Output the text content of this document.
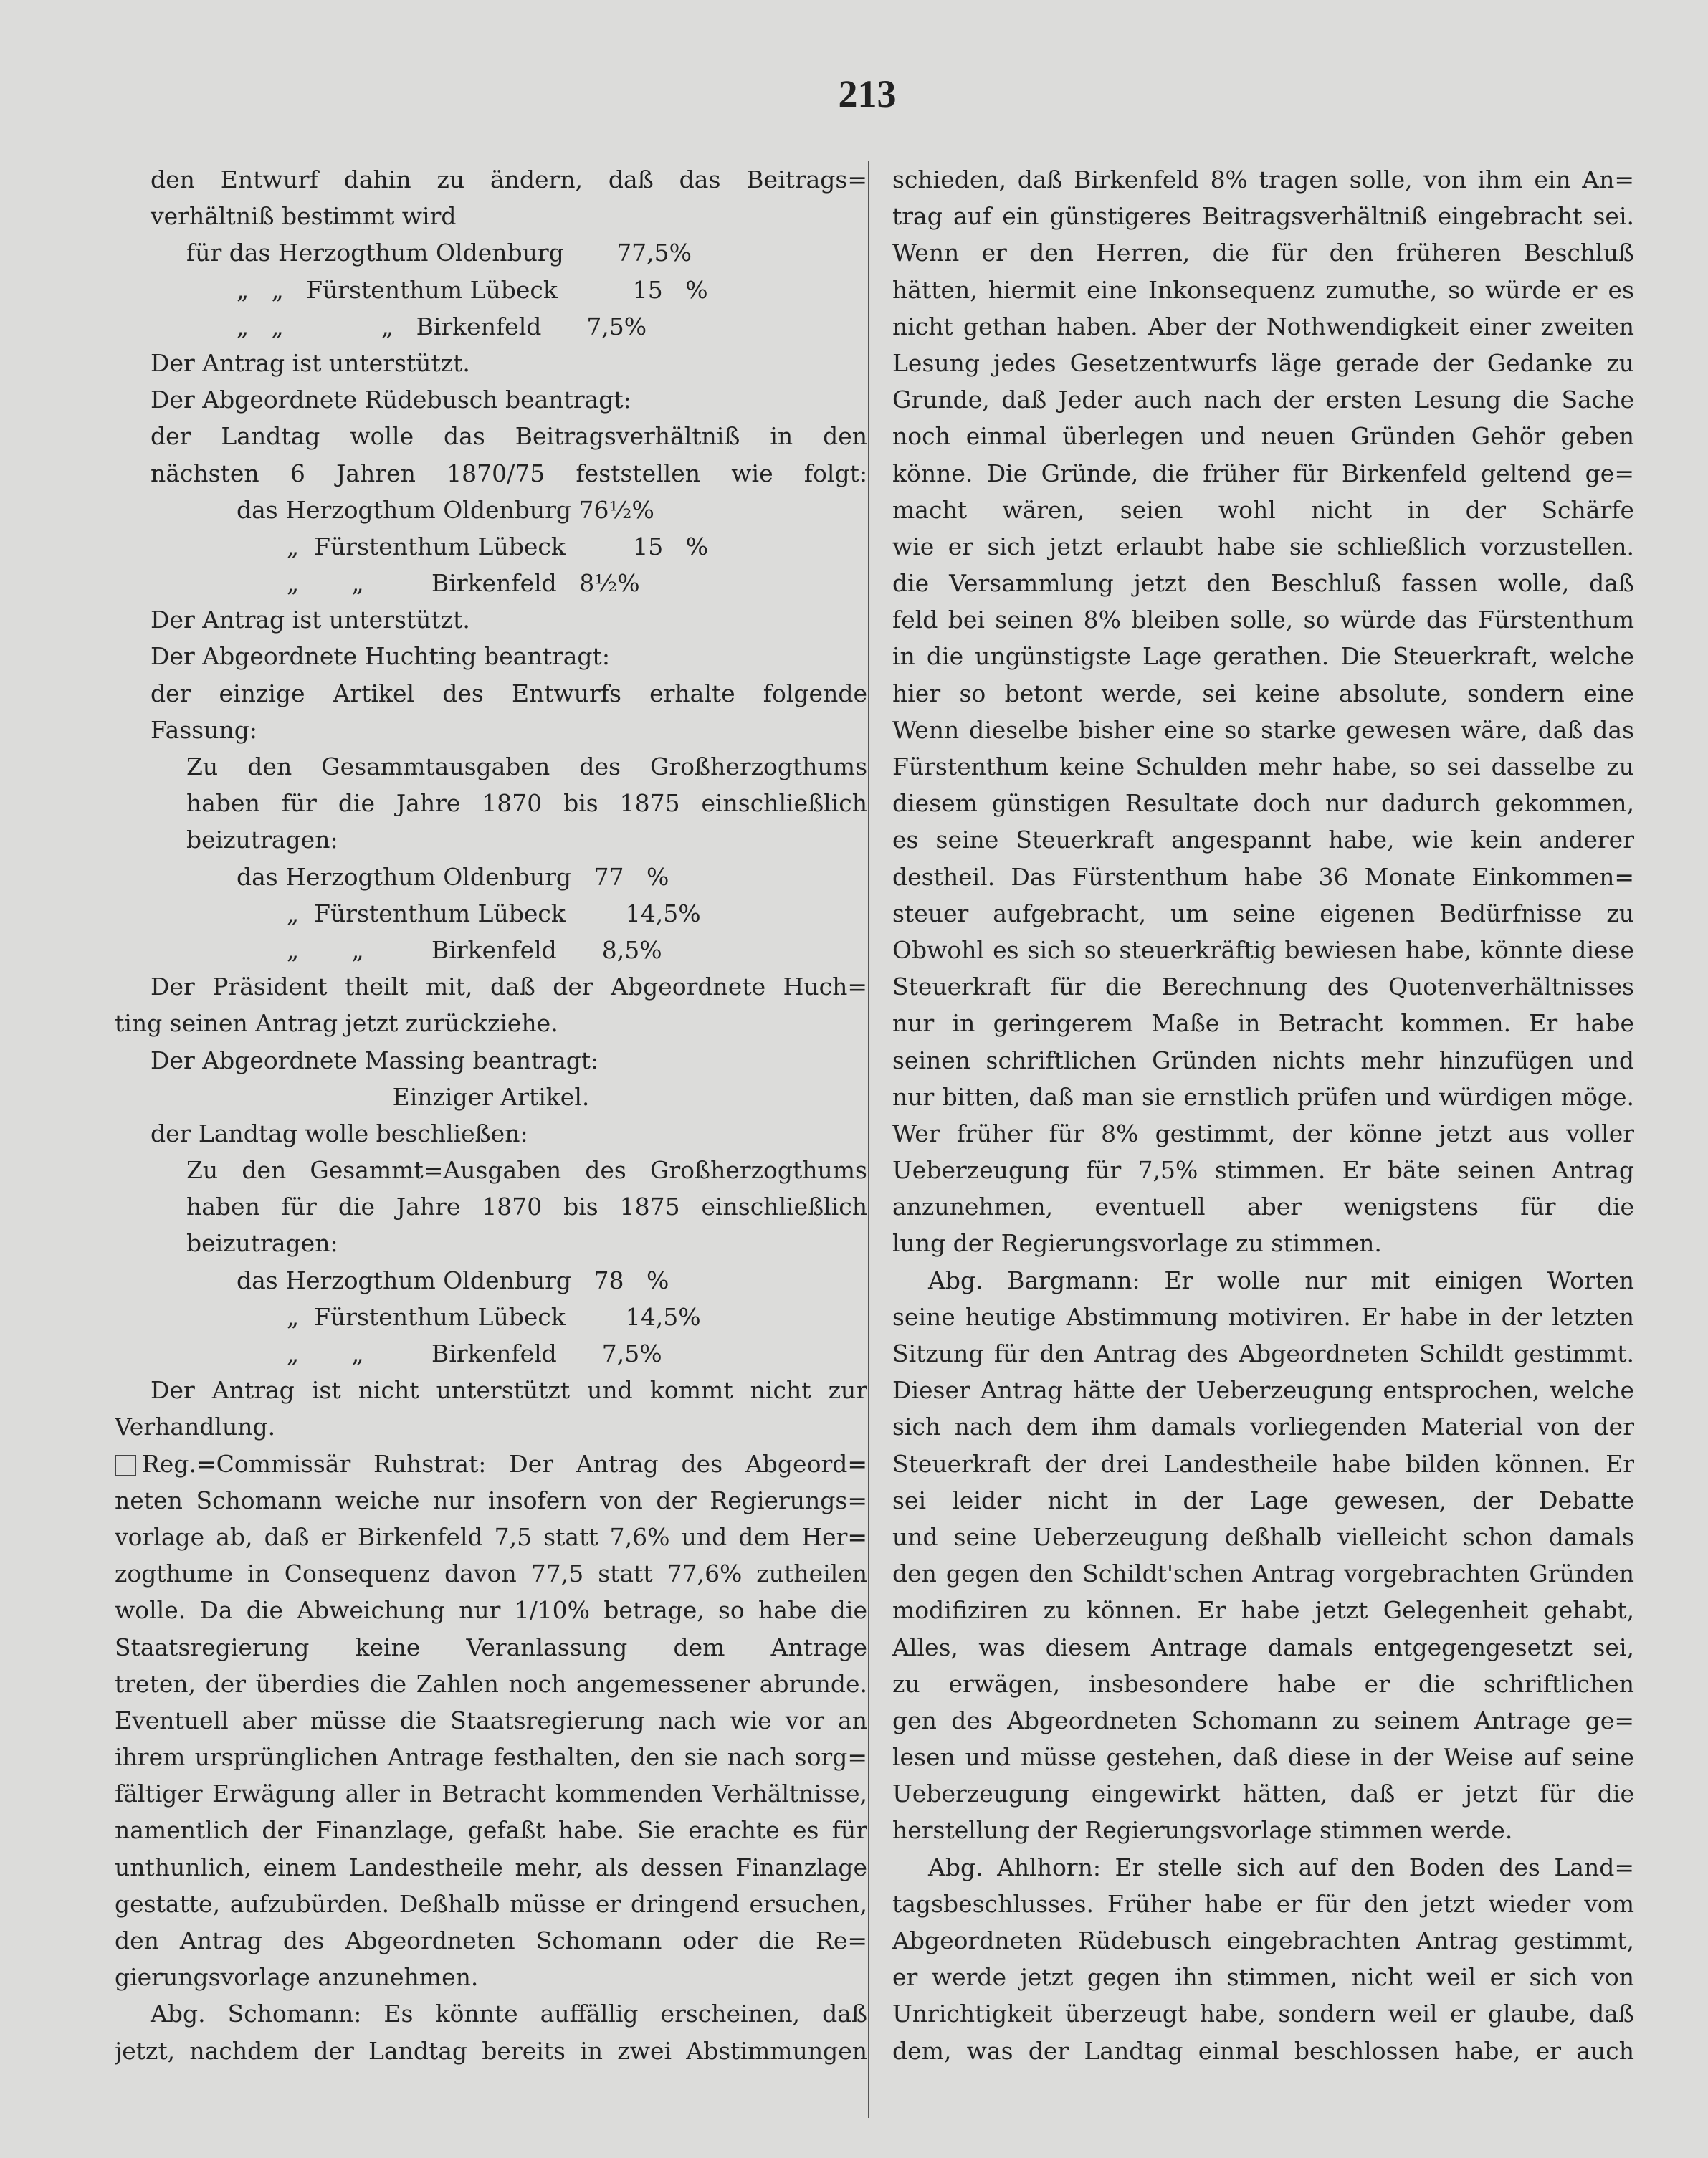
213
den Entwurf dahin zu ändern, daß das Beitrags=
verhältniß bestimmt wird
für das Herzogthum Oldenburg       77,5%
„   „   Fürstenthum Lübeck          15   %
„   „             „   Birkenfeld      7,5%
Der Antrag ist unterstützt.
Der Abgeordnete Rüdebusch beantragt:
der Landtag wolle das Beitragsverhältniß in den
nächsten 6 Jahren 1870/75 feststellen wie folgt:
das Herzogthum Oldenburg 76½%
„  Fürstenthum Lübeck         15   %
„       „         Birkenfeld   8½%
Der Antrag ist unterstützt.
Der Abgeordnete Huchting beantragt:
der einzige Artikel des Entwurfs erhalte folgende
Fassung:
Zu den Gesammtausgaben des Großherzogthums
haben für die Jahre 1870 bis 1875 einschließlich
beizutragen:
das Herzogthum Oldenburg   77   %
„  Fürstenthum Lübeck        14,5%
„       „         Birkenfeld      8,5%
Der Präsident theilt mit, daß der Abgeordnete Huch=
ting seinen Antrag jetzt zurückziehe.
Der Abgeordnete Massing beantragt:
Einziger Artikel.
der Landtag wolle beschließen:
Zu den Gesammt=Ausgaben des Großherzogthums
haben für die Jahre 1870 bis 1875 einschließlich
beizutragen:
das Herzogthum Oldenburg   78   %
„  Fürstenthum Lübeck        14,5%
„       „         Birkenfeld      7,5%
Der Antrag ist nicht unterstützt und kommt nicht zur
Verhandlung.
Reg.=Commissär Ruhstrat: Der Antrag des Abgeord=
neten Schomann weiche nur insofern von der Regierungs=
vorlage ab, daß er Birkenfeld 7,5 statt 7,6% und dem Her=
zogthume in Consequenz davon 77,5 statt 77,6% zutheilen
wolle. Da die Abweichung nur 1/10% betrage, so habe die
Staatsregierung keine Veranlassung dem Antrage
treten, der überdies die Zahlen noch angemessener abrunde.
Eventuell aber müsse die Staatsregierung nach wie vor an
ihrem ursprünglichen Antrage festhalten, den sie nach sorg=
fältiger Erwägung aller in Betracht kommenden Verhältnisse,
namentlich der Finanzlage, gefaßt habe. Sie erachte es für
unthunlich, einem Landestheile mehr, als dessen Finanzlage
gestatte, aufzubürden. Deßhalb müsse er dringend ersuchen,
den Antrag des Abgeordneten Schomann oder die Re=
gierungsvorlage anzunehmen.
Abg. Schomann: Es könnte auffällig erscheinen, daß
jetzt, nachdem der Landtag bereits in zwei Abstimmungen
schieden, daß Birkenfeld 8% tragen solle, von ihm ein An=
trag auf ein günstigeres Beitragsverhältniß eingebracht sei.
Wenn er den Herren, die für den früheren Beschluß
hätten, hiermit eine Inkonsequenz zumuthe, so würde er es
nicht gethan haben. Aber der Nothwendigkeit einer zweiten
Lesung jedes Gesetzentwurfs läge gerade der Gedanke zu
Grunde, daß Jeder auch nach der ersten Lesung die Sache
noch einmal überlegen und neuen Gründen Gehör geben
könne. Die Gründe, die früher für Birkenfeld geltend ge=
macht wären, seien wohl nicht in der Schärfe
wie er sich jetzt erlaubt habe sie schließlich vorzustellen.
die Versammlung jetzt den Beschluß fassen wolle, daß
feld bei seinen 8% bleiben solle, so würde das Fürstenthum
in die ungünstigste Lage gerathen. Die Steuerkraft, welche
hier so betont werde, sei keine absolute, sondern eine
Wenn dieselbe bisher eine so starke gewesen wäre, daß das
Fürstenthum keine Schulden mehr habe, so sei dasselbe zu
diesem günstigen Resultate doch nur dadurch gekommen,
es seine Steuerkraft angespannt habe, wie kein anderer
destheil. Das Fürstenthum habe 36 Monate Einkommen=
steuer aufgebracht, um seine eigenen Bedürfnisse zu
Obwohl es sich so steuerkräftig bewiesen habe, könnte diese
Steuerkraft für die Berechnung des Quotenverhältnisses
nur in geringerem Maße in Betracht kommen. Er habe
seinen schriftlichen Gründen nichts mehr hinzufügen und
nur bitten, daß man sie ernstlich prüfen und würdigen möge.
Wer früher für 8% gestimmt, der könne jetzt aus voller
Ueberzeugung für 7,5% stimmen. Er bäte seinen Antrag
anzunehmen, eventuell aber wenigstens für die
lung der Regierungsvorlage zu stimmen.
Abg. Bargmann: Er wolle nur mit einigen Worten
seine heutige Abstimmung motiviren. Er habe in der letzten
Sitzung für den Antrag des Abgeordneten Schildt gestimmt.
Dieser Antrag hätte der Ueberzeugung entsprochen, welche
sich nach dem ihm damals vorliegenden Material von der
Steuerkraft der drei Landestheile habe bilden können. Er
sei leider nicht in der Lage gewesen, der Debatte
und seine Ueberzeugung deßhalb vielleicht schon damals
den gegen den Schildt'schen Antrag vorgebrachten Gründen
modifiziren zu können. Er habe jetzt Gelegenheit gehabt,
Alles, was diesem Antrage damals entgegengesetzt sei,
zu erwägen, insbesondere habe er die schriftlichen
gen des Abgeordneten Schomann zu seinem Antrage ge=
lesen und müsse gestehen, daß diese in der Weise auf seine
Ueberzeugung eingewirkt hätten, daß er jetzt für die
herstellung der Regierungsvorlage stimmen werde.
Abg. Ahlhorn: Er stelle sich auf den Boden des Land=
tagsbeschlusses. Früher habe er für den jetzt wieder vom
Abgeordneten Rüdebusch eingebrachten Antrag gestimmt,
er werde jetzt gegen ihn stimmen, nicht weil er sich von
Unrichtigkeit überzeugt habe, sondern weil er glaube, daß
dem, was der Landtag einmal beschlossen habe, er auch
